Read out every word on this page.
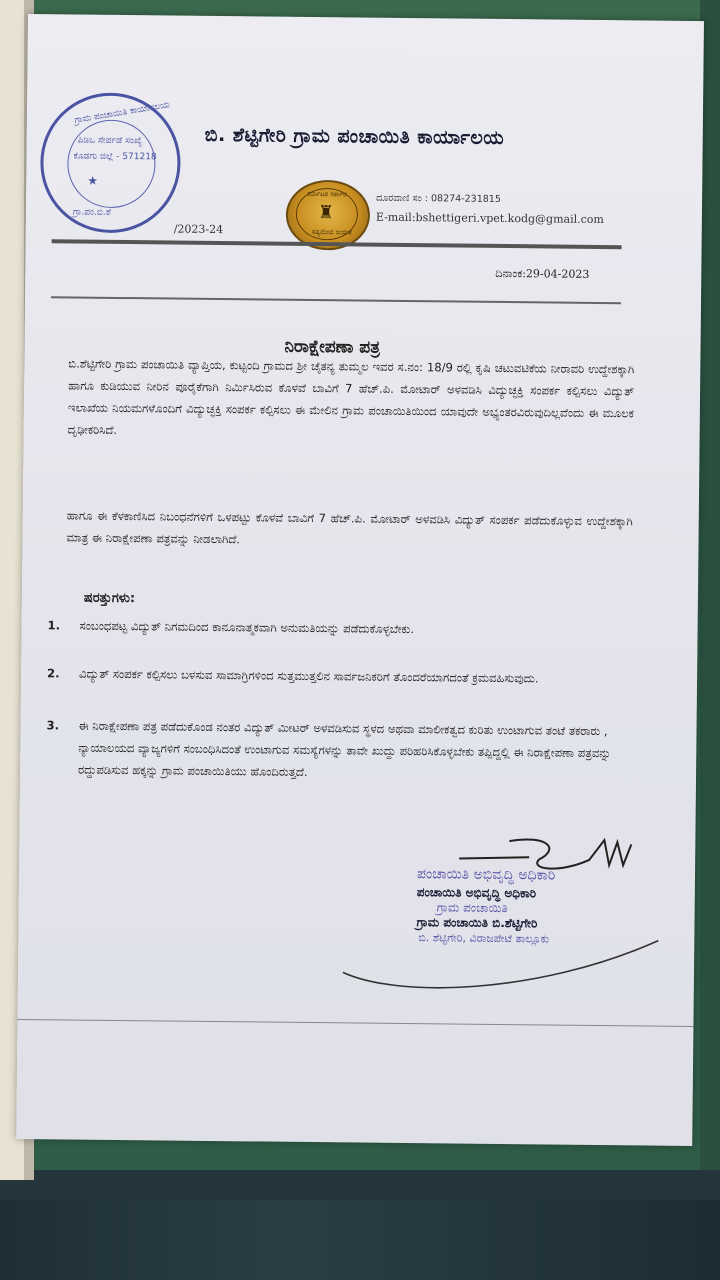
ಗ್ರಾಮ ಪಂಚಾಯಿತಿ ಕಾರ್ಯಾಲಯ
ಪಿಡಿಒ ಸೇರ್ಪಡೆ ಸಂಖ್ಯೆ
ಕೊಡಗು ಜಿಲ್ಲೆ - 571 218
★
ಗ್ರಾ.ಪಂ.ಬಿ.ಶೆ
ಬಿ. ಶೆಟ್ಟಿಗೇರಿ ಗ್ರಾಮ ಪಂಚಾಯಿತಿ ಕಾರ್ಯಾಲಯ
ಕರ್ನಾಟಕ ಸರ್ಕಾರ
♜
ಸತ್ಯಮೇವ ಜಯತೆ
ದೂರವಾಣಿ ಸಂ : 08274-231815
E-mail:bshettigeri.vpet.kodg@gmail.com
/2023-24
ದಿನಾಂಕ:29-04-2023
ನಿರಾಕ್ಷೇಪಣಾ ಪತ್ರ
ಬಿ.ಶೆಟ್ಟಿಗೇರಿ ಗ್ರಾಮ ಪಂಚಾಯಿತಿ ವ್ಯಾಪ್ತಿಯ, ಕುಟ್ಟಂದಿ ಗ್ರಾಮದ ಶ್ರೀ ಚೈತನ್ಯ ತುಮ್ಮಲ ಇವರ ಸ.ನಂ: 18/9 ರಲ್ಲಿ ಕೃಷಿ ಚಟುವಟಿಕೆಯ ನೀರಾವರಿ ಉದ್ದೇಶಕ್ಕಾಗಿ ಹಾಗೂ ಕುಡಿಯುವ ನೀರಿನ ಪೂರೈಕೆಗಾಗಿ ನಿರ್ಮಿಸಿರುವ ಕೊಳವೆ ಬಾವಿಗೆ 7 ಹೆಚ್.ಪಿ. ಮೋಟಾರ್ ಅಳವಡಿಸಿ ವಿದ್ಯುಚ್ಛಕ್ತಿ ಸಂಪರ್ಕ ಕಲ್ಪಿಸಲು ವಿದ್ಯುತ್ ಇಲಾಖೆಯ ನಿಯಮಗಳೊಂದಿಗೆ ವಿದ್ಯುಚ್ಛಕ್ತಿ ಸಂಪರ್ಕ ಕಲ್ಪಿಸಲು ಈ ಮೇಲಿನ ಗ್ರಾಮ ಪಂಚಾಯಿತಿಯಿಂದ ಯಾವುದೇ ಅಭ್ಯಂತರವಿರುವುದಿಲ್ಲವೆಂದು ಈ ಮೂಲಕ ದೃಢೀಕರಿಸಿದೆ.
ಹಾಗೂ ಈ ಕೆಳಕಾಣಿಸಿದ ನಿಬಂಧನೆಗಳಿಗೆ ಒಳಪಟ್ಟು ಕೊಳವೆ ಬಾವಿಗೆ 7 ಹೆಚ್.ಪಿ. ಮೋಟಾರ್ ಅಳವಡಿಸಿ ವಿದ್ಯುತ್ ಸಂಪರ್ಕ ಪಡೆದುಕೊಳ್ಳುವ ಉದ್ದೇಶಕ್ಕಾಗಿ ಮಾತ್ರ ಈ ನಿರಾಕ್ಷೇಪಣಾ ಪತ್ರವನ್ನು ನೀಡಲಾಗಿದೆ.
ಷರತ್ತುಗಳು:
1. ಸಂಬಂಧಪಟ್ಟ ವಿದ್ಯುತ್ ನಿಗಮದಿಂದ ಕಾನೂನಾತ್ಮಕವಾಗಿ ಅನುಮತಿಯನ್ನು ಪಡೆದುಕೊಳ್ಳಬೇಕು.
2. ವಿದ್ಯುತ್ ಸಂಪರ್ಕ ಕಲ್ಪಿಸಲು ಬಳಸುವ ಸಾಮಾಗ್ರಿಗಳಿಂದ ಸುತ್ತಮುತ್ತಲಿನ ಸಾರ್ವಜನಿಕರಿಗೆ ತೊಂದರೆಯಾಗದಂತೆ ಕ್ರಮವಹಿಸುವುದು.
3. ಈ ನಿರಾಕ್ಷೇಪಣಾ ಪತ್ರ ಪಡೆದುಕೊಂಡ ನಂತರ ವಿದ್ಯುತ್ ಮೀಟರ್ ಅಳವಡಿಸುವ ಸ್ಥಳದ ಅಥವಾ ಮಾಲೀಕತ್ವದ ಕುರಿತು ಉಂಟಾಗುವ ತಂಟೆ ತಕರಾರು , ನ್ಯಾಯಾಲಯದ ವ್ಯಾಜ್ಯಗಳಿಗೆ ಸಂಬಂಧಿಸಿದಂತೆ ಉಂಟಾಗುವ ಸಮಸ್ಯೆಗಳನ್ನು ತಾವೇ ಖುದ್ದು ಪರಿಹರಿಸಿಕೊಳ್ಳಬೇಕು ತಪ್ಪಿದ್ದಲ್ಲಿ ಈ ನಿರಾಕ್ಷೇಪಣಾ ಪತ್ರವನ್ನು ರದ್ದುಪಡಿಸುವ ಹಕ್ಕನ್ನು ಗ್ರಾಮ ಪಂಚಾಯಿತಿಯು ಹೊಂದಿರುತ್ತದೆ.
ಪಂಚಾಯಿತಿ ಅಭಿವೃದ್ಧಿ ಅಧಿಕಾರಿ
ಪಂಚಾಯಿತಿ ಅಭಿವೃದ್ಧಿ ಅಧಿಕಾರಿ
ಗ್ರಾಮ ಪಂಚಾಯಿತಿ
ಗ್ರಾಮ ಪಂಚಾಯಿತಿ ಬಿ.ಶೆಟ್ಟಿಗೇರಿ
ಬಿ. ಶೆಟ್ಟಿಗೇರಿ, ವಿರಾಜಪೇಟೆ ತಾಲ್ಲೂಕು
